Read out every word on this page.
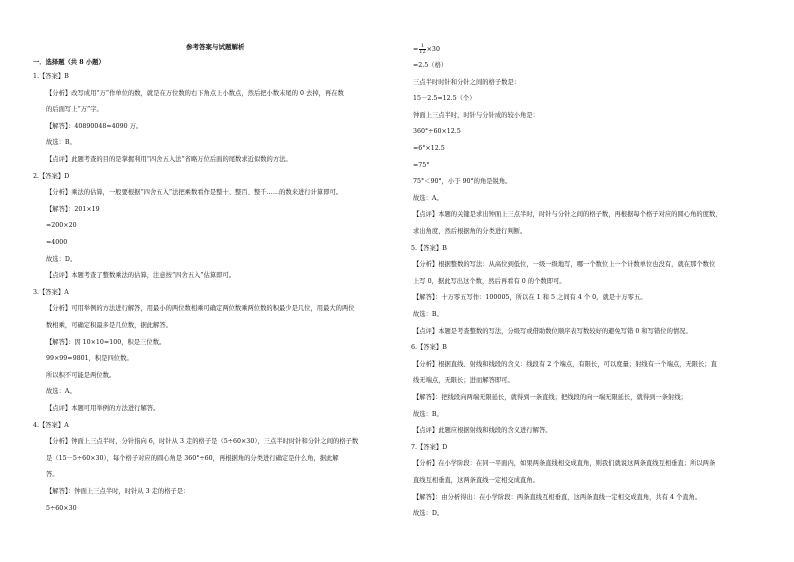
参考答案与试题解析
一．选择题（共 8 小题）
1.【答案】B
【分析】改写成用“万”作单位的数，就是在万位数的右下角点上小数点，然后把小数末尾的 0 去掉，再在数
的后面写上“万”字。
【解答】：40890048≈4090 万。
故选：B。
【点评】此题考查的目的是掌握利用“四舍五入法”省略万位后面的尾数求近似数的方法。
2.【答案】D
【分析】乘法的估算，一般要根据“四舍五入”法把乘数看作是整十、整百、整千……的数来进行计算即可。
【解答】：201×19
≈200×20
=4000
故选：D。
【点评】本题考查了整数乘法的估算，注意按“四舍五入”估算即可。
3.【答案】A
【分析】可用举例的方法进行解答，用最小的两位数相乘可确定两位数乘两位数的积最少是几位，用最大的两位
数相乘，可确定积最多是几位数，据此解答。
【解答】：因 10×10=100，积是三位数。
99×99=9801，积是四位数。
所以积不可能是两位数。
故选：A。
【点评】本题可用举例的方法进行解答。
4.【答案】A
【分析】钟面上三点半时，分针指向 6，时针从 3 走的格子是（5÷60×30），三点半时时针和分针之间的格子数
是（15－5÷60×30），每个格子对应的圆心角是 360°÷60，再根据角的分类进行确定是什么角，据此解
答。
【解答】：钟面上三点半时，时针从 3 走的格子是：
5÷60×30
= $\frac{1}{12} \times 30$
=2.5（格）
三点半时时针和分针之间的格子数是：
15－2.5=12.5（个）
钟面上三点半时，时针与分针成的较小角是：
360°÷60×12.5
=6°×12.5
=75°
75°＜90°，小于 90°的角是锐角。
故选：A。
【点评】本题的关键是求出钟面上三点半时，时针与分针之间的格子数，再根据每个格子对应的圆心角的度数，
求出角度，然后根据角的分类进行判断。
5.【答案】B
【分析】根据整数的写法：从高位到低位，一级一级地写，哪一个数位上一个计数单位也没有，就在那个数位
上写 0，据此写出这个数，然后再看有 0 的个数即可。
【解答】：十万零五写作：100005，所以在 1 和 5 之间有 4 个 0，就是十万零五。
故选：B。
【点评】本题是考查整数的写法，分级写或借助数位顺序表写数较好的避免写错 0 和写错位的情况。
6.【答案】B
【分析】根据直线、射线和线段的含义：线段有 2 个端点，有限长，可以度量；射线有一个端点，无限长；直
线无端点，无限长；进而解答即可。
【解答】：把线段向两端无限延长，就得到一条直线；把线段的向一端无限延长，就得到一条射线；
故选：B。
【点评】此题应根据射线和线段的含义进行解答。
7.【答案】D
【分析】在小学阶段：在同一平面内，如果两条直线相交成直角，则我们就说这两条直线互相垂直；所以两条
直线互相垂直，这两条直线一定相交成直角。
【解答】：由分析得出：在小学阶段：两条直线互相垂直，这两条直线一定相交成直角，共有 4 个直角。
故选：D。
